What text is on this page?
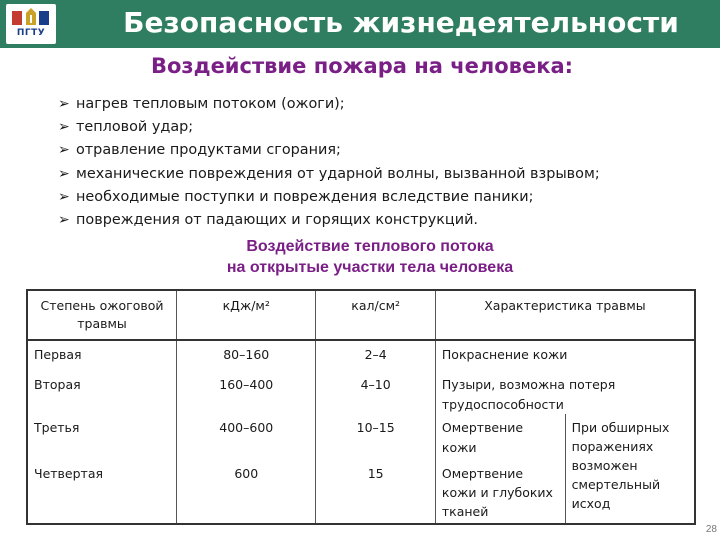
ПГТУ	Безопасность жизнедеятельности
Воздействие пожара на человека:
➢ нагрев тепловым потоком (ожоги);
➢ тепловой удар;
➢ отравление продуктами сгорания;
➢ механические повреждения от ударной волны, вызванной взрывом;
➢ необходимые поступки и повреждения вследствие паники;
➢ повреждения от падающих и горящих конструкций.
Воздействие теплового потока
на открытые участки тела человека
Степень ожоговой травмы	кДж/м²	кал/см²	Характеристика травмы	
Первая	80–160	2–4	Покраснение кожи	
Вторая	160–400	4–10	Пузыри, возможна потеря трудоспособности	
Третья	400–600	10–15	Омертвение кожи	При обширных поражениях возможен смертельный исход
Четвертая	600	15	Омертвение кожи и глубоких тканей	
28
